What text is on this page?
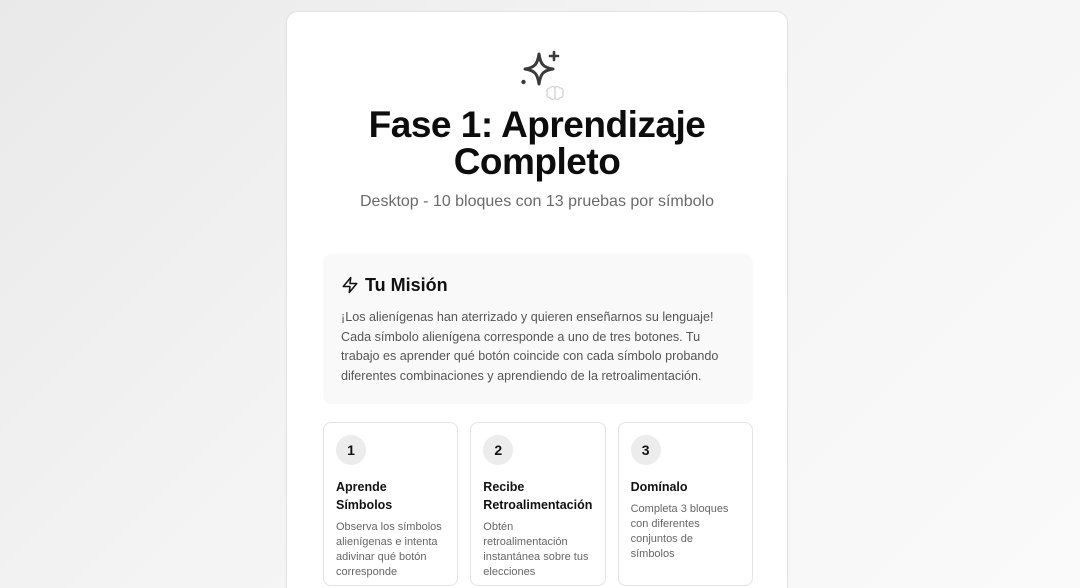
Fase 1: Aprendizaje
Completo
Desktop - 10 bloques con 13 pruebas por símbolo
Tu Misión

¡Los alienígenas han aterrizado y quieren enseñarnos su lenguaje! Cada símbolo alienígena corresponde a uno de tres botones. Tu trabajo es aprender qué botón coincide con cada símbolo probando diferentes combinaciones y aprendiendo de la retroalimentación.

1
Aprende Símbolos
Observa los símbolos alienígenas e intenta adivinar qué botón corresponde
2
Recibe Retroalimentación
Obtén retroalimentación instantánea sobre tus elecciones
3
Domínalo
Completa 3 bloques con diferentes conjuntos de símbolos
